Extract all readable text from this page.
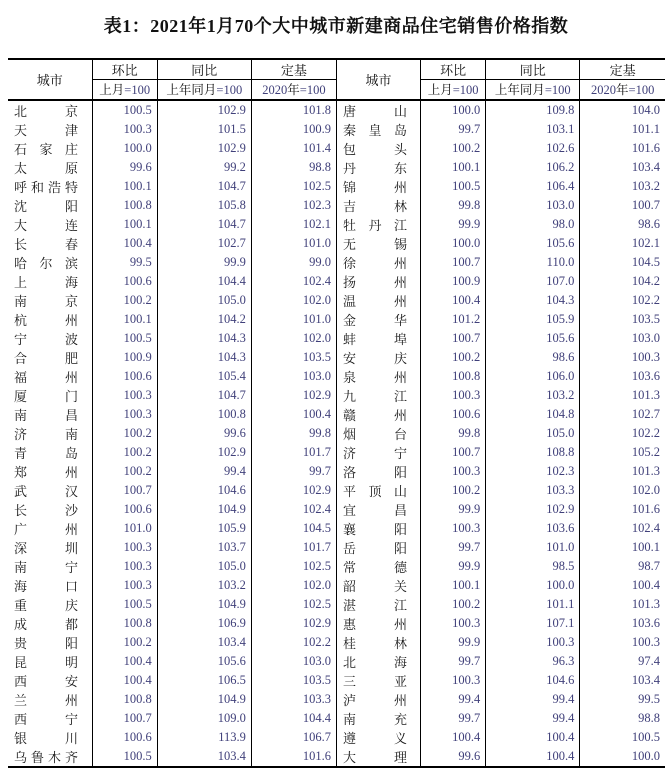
表1：2021年1月70个大中城市新建商品住宅销售价格指数
城市	环比	同比	定基	城市	环比	同比	定基
	上月=100	上年同月=100	2020年=100		上月=100	上年同月=100	2020年=100
北京	100.5	102.9	101.8	唐山	100.0	109.8	104.0
天津	100.3	101.5	100.9	秦皇岛	99.7	103.1	101.1
石家庄	100.0	102.9	101.4	包头	100.2	102.6	101.6
太原	99.6	99.2	98.8	丹东	100.1	106.2	103.4
呼和浩特	100.1	104.7	102.5	锦州	100.5	106.4	103.2
沈阳	100.8	105.8	102.3	吉林	99.8	103.0	100.7
大连	100.1	104.7	102.1	牡丹江	99.9	98.0	98.6
长春	100.4	102.7	101.0	无锡	100.0	105.6	102.1
哈尔滨	99.5	99.9	99.0	徐州	100.7	110.0	104.5
上海	100.6	104.4	102.4	扬州	100.9	107.0	104.2
南京	100.2	105.0	102.0	温州	100.4	104.3	102.2
杭州	100.1	104.2	101.0	金华	101.2	105.9	103.5
宁波	100.5	104.3	102.0	蚌埠	100.7	105.6	103.0
合肥	100.9	104.3	103.5	安庆	100.2	98.6	100.3
福州	100.6	105.4	103.0	泉州	100.8	106.0	103.6
厦门	100.3	104.7	102.9	九江	100.3	103.2	101.3
南昌	100.3	100.8	100.4	赣州	100.6	104.8	102.7
济南	100.2	99.6	99.8	烟台	99.8	105.0	102.2
青岛	100.2	102.9	101.7	济宁	100.7	108.8	105.2
郑州	100.2	99.4	99.7	洛阳	100.3	102.3	101.3
武汉	100.7	104.6	102.9	平顶山	100.2	103.3	102.0
长沙	100.6	104.9	102.4	宜昌	99.9	102.9	101.6
广州	101.0	105.9	104.5	襄阳	100.3	103.6	102.4
深圳	100.3	103.7	101.7	岳阳	99.7	101.0	100.1
南宁	100.3	105.0	102.5	常德	99.9	98.5	98.7
海口	100.3	103.2	102.0	韶关	100.1	100.0	100.4
重庆	100.5	104.9	102.5	湛江	100.2	101.1	101.3
成都	100.8	106.9	102.9	惠州	100.3	107.1	103.6
贵阳	100.2	103.4	102.2	桂林	99.9	100.3	100.3
昆明	100.4	105.6	103.0	北海	99.7	96.3	97.4
西安	100.4	106.5	103.5	三亚	100.3	104.6	103.4
兰州	100.8	104.9	103.3	泸州	99.4	99.4	99.5
西宁	100.7	109.0	104.4	南充	99.7	99.4	98.8
银川	100.6	113.9	106.7	遵义	100.4	100.4	100.5
乌鲁木齐	100.5	103.4	101.6	大理	99.6	100.4	100.0
